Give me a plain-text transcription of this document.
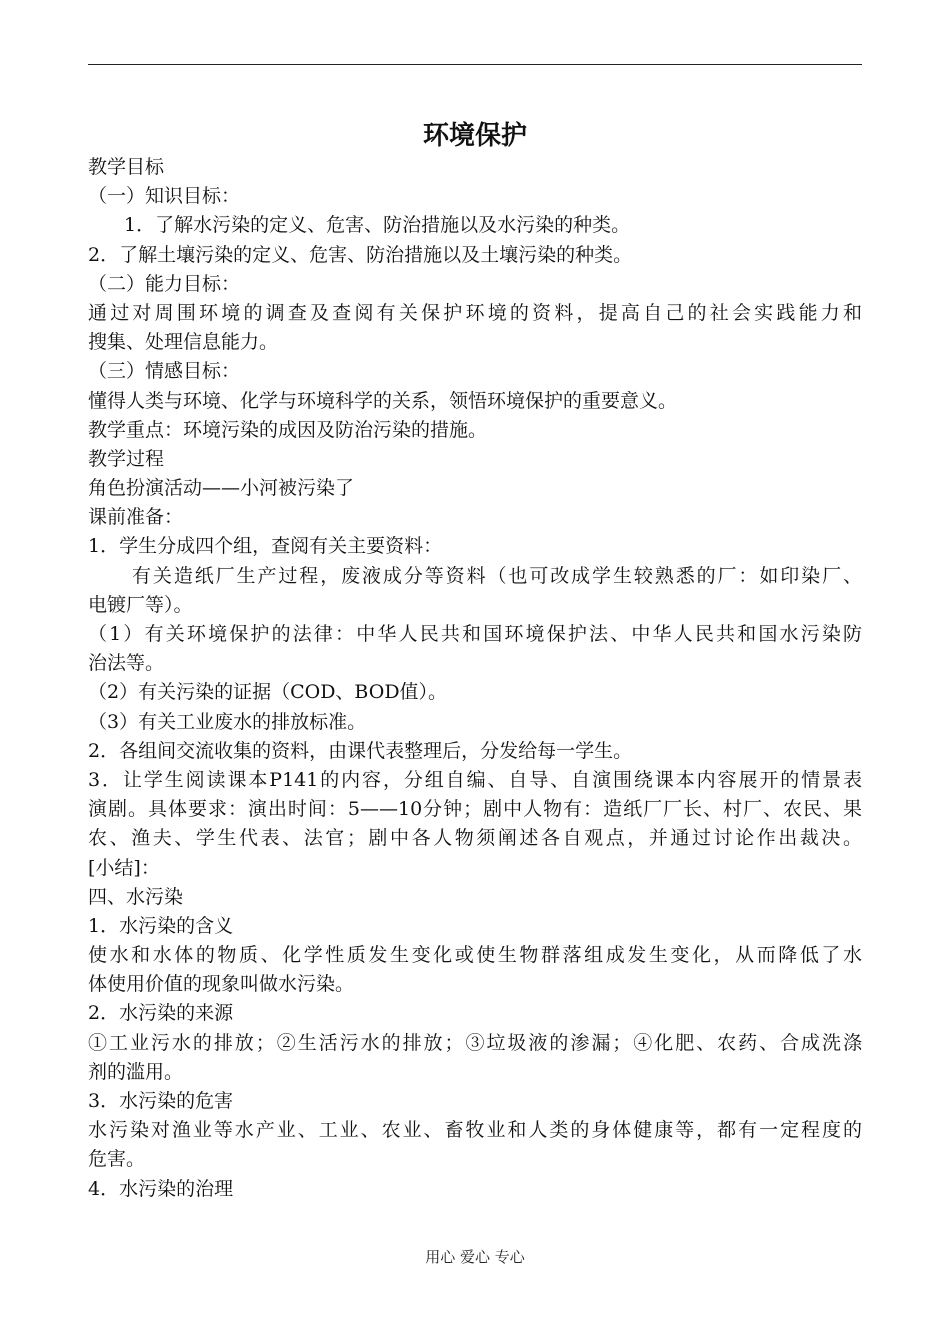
环境保护
教学目标
（一）知识目标：
1．了解水污染的定义、危害、防治措施以及水污染的种类。
2．了解土壤污染的定义、危害、防治措施以及土壤污染的种类。
（二）能力目标：
通过对周围环境的调查及查阅有关保护环境的资料，提高自己的社会实践能力和
搜集、处理信息能力。
（三）情感目标：
懂得人类与环境、化学与环境科学的关系，领悟环境保护的重要意义。
教学重点：环境污染的成因及防治污染的措施。
教学过程
角色扮演活动——小河被污染了
课前准备：
1．学生分成四个组，查阅有关主要资料：
有关造纸厂生产过程，废液成分等资料（也可改成学生较熟悉的厂：如印染厂、
电镀厂等）。
（1）有关环境保护的法律：中华人民共和国环境保护法、中华人民共和国水污染防
治法等。
（2）有关污染的证据（COD、BOD值）。
（3）有关工业废水的排放标准。
2．各组间交流收集的资料，由课代表整理后，分发给每一学生。
3．让学生阅读课本P141的内容，分组自编、自导、自演围绕课本内容展开的情景表
演剧。具体要求：演出时间：5——10分钟；剧中人物有：造纸厂厂长、村厂、农民、果
农、渔夫、学生代表、法官；剧中各人物须阐述各自观点，并通过讨论作出裁决。
[小结]：
四、水污染
1．水污染的含义
使水和水体的物质、化学性质发生变化或使生物群落组成发生变化，从而降低了水
体使用价值的现象叫做水污染。
2．水污染的来源
①工业污水的排放；②生活污水的排放；③垃圾液的渗漏；④化肥、农药、合成洗涤
剂的滥用。
3．水污染的危害
水污染对渔业等水产业、工业、农业、畜牧业和人类的身体健康等，都有一定程度的
危害。
4．水污染的治理
用心 爱心 专心
